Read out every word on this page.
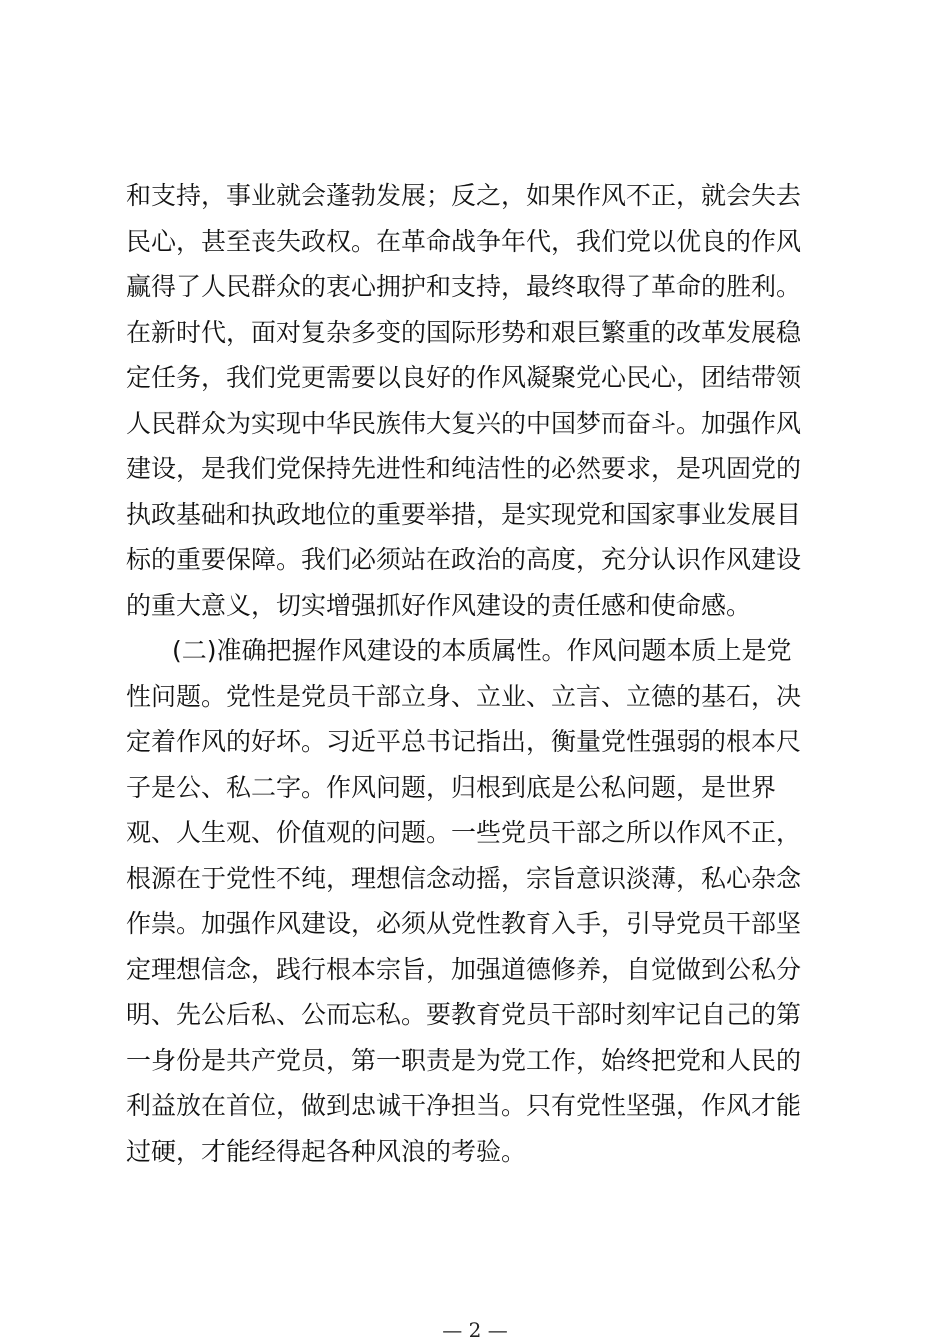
和支持，事业就会蓬勃发展；反之，如果作风不正，就会失去
民心，甚至丧失政权。在革命战争年代，我们党以优良的作风
赢得了人民群众的衷心拥护和支持，最终取得了革命的胜利。
在新时代，面对复杂多变的国际形势和艰巨繁重的改革发展稳
定任务，我们党更需要以良好的作风凝聚党心民心，团结带领
人民群众为实现中华民族伟大复兴的中国梦而奋斗。加强作风
建设，是我们党保持先进性和纯洁性的必然要求，是巩固党的
执政基础和执政地位的重要举措，是实现党和国家事业发展目
标的重要保障。我们必须站在政治的高度，充分认识作风建设
的重大意义，切实增强抓好作风建设的责任感和使命感。
(二)准确把握作风建设的本质属性。作风问题本质上是党
性问题。党性是党员干部立身、立业、立言、立德的基石，决
定着作风的好坏。习近平总书记指出，衡量党性强弱的根本尺
子是公、私二字。作风问题，归根到底是公私问题，是世界
观、人生观、价值观的问题。一些党员干部之所以作风不正，
根源在于党性不纯，理想信念动摇，宗旨意识淡薄，私心杂念
作祟。加强作风建设，必须从党性教育入手，引导党员干部坚
定理想信念，践行根本宗旨，加强道德修养，自觉做到公私分
明、先公后私、公而忘私。要教育党员干部时刻牢记自己的第
一身份是共产党员，第一职责是为党工作，始终把党和人民的
利益放在首位，做到忠诚干净担当。只有党性坚强，作风才能
过硬，才能经得起各种风浪的考验。
— 2 —
